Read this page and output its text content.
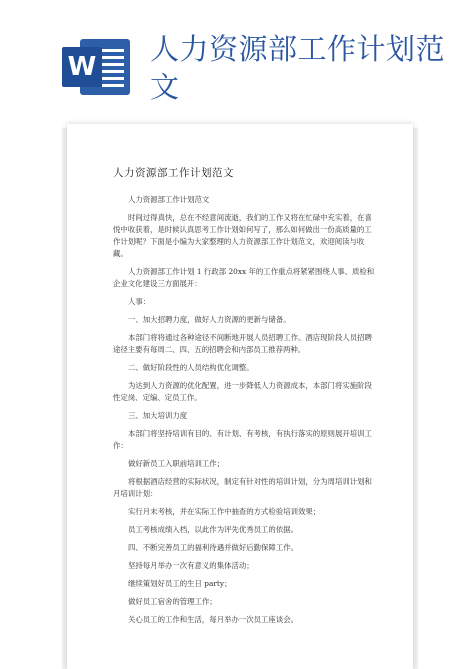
W
人力资源部工作计划范文
人力资源部工作计划范文

人力资源部工作计划范文

时间过得真快，总在不经意间流逝，我们的工作又将在忙碌中充实着，在喜悦中收获着，是时候认真思考工作计划如何写了，那么如何做出一份高质量的工作计划呢？下面是小编为大家整理的人力资源部工作计划范文，欢迎阅读与收藏。

人力资源部工作计划 1 行政部 20xx 年的工作重点将紧紧围绕人事、质检和企业文化建设三方面展开：

人事：

一、加大招聘力度，做好人力资源的更新与储备。

本部门将将通过各种途径不间断地开展人员招聘工作。酒店现阶段人员招聘途径主要有每周二、四、五的招聘会和内部员工推荐两种。

二、做好阶段性的人员结构优化调整。

为达到人力资源的优化配置，进一步降低人力资源成本，本部门将实施阶段性定岗、定编、定员工作。

三、加大培训力度

本部门将坚持培训有目的、有计划、有考核，有执行落实的原则展开培训工作：

做好新员工入职前培训工作；

将根据酒店经营的实际状况，制定有针对性的培训计划，分为周培训计划和月培训计划：

实行月末考核，并在实际工作中抽查的方式检验培训效果；

员工考核成绩入档，以此作为评先优秀员工的依据。

四、不断完善员工的福利待遇并做好后勤保障工作。

坚持每月举办一次有意义的集体活动；

继续策划好员工的生日 party；

做好员工宿舍的管理工作；

关心员工的工作和生活，每月举办一次员工座谈会。
